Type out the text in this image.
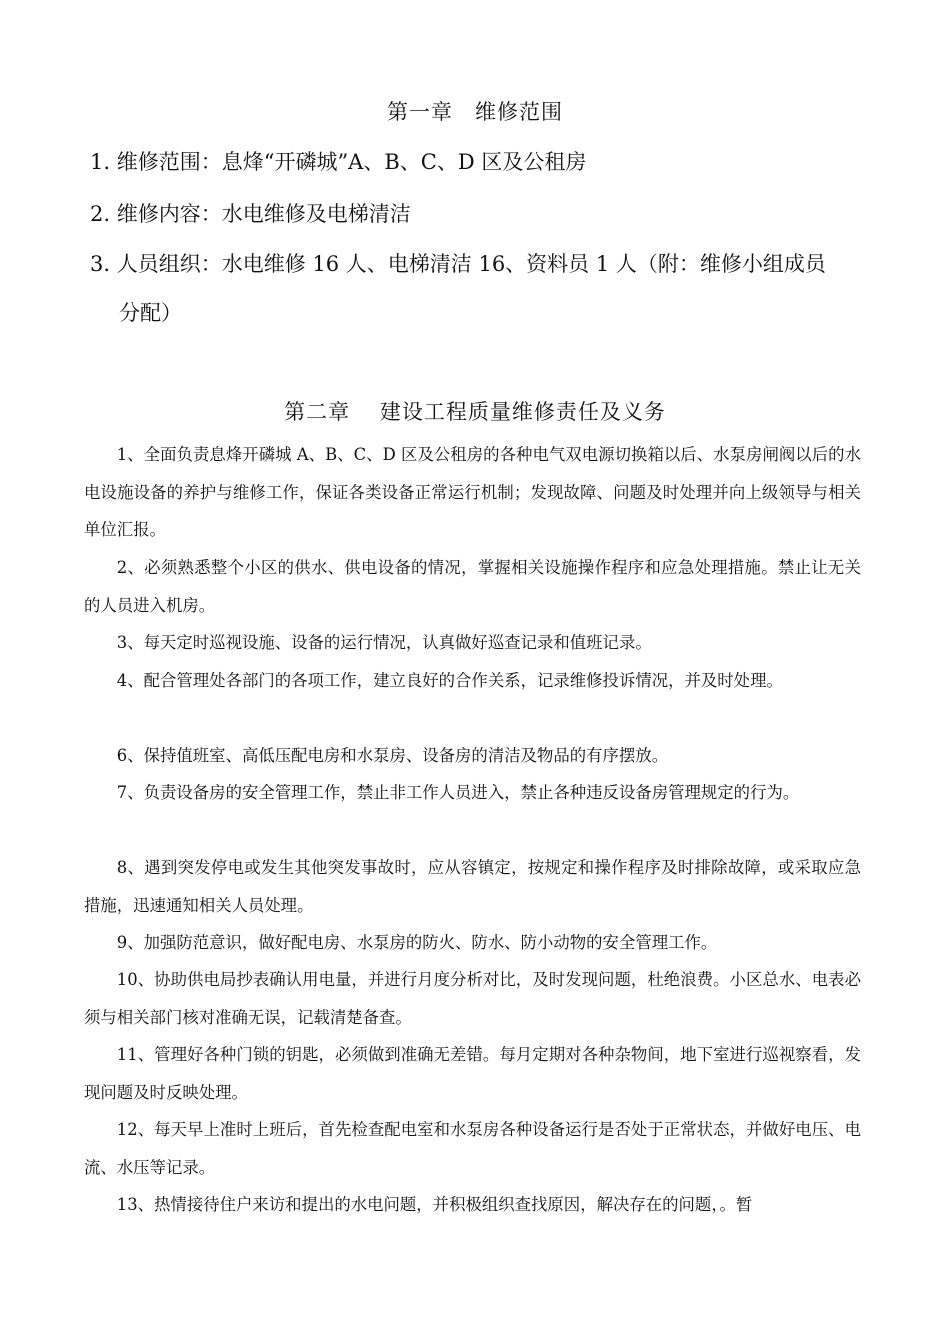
第一章　维修范围
1. 维修范围：息烽“开磷城”A、B、C、D 区及公租房
2. 维修内容：水电维修及电梯清洁
3. 人员组织：水电维修 16 人、电梯清洁 16、资料员 1 人（附：维修小组成员
分配）
第二章　 建设工程质量维修责任及义务

1、全面负责息烽开磷城 A、B、C、D 区及公租房的各种电气双电源切换箱以后、水泵房闸阀以后的水电设施设备的养护与维修工作，保证各类设备正常运行机制；发现故障、问题及时处理并向上级领导与相关单位汇报。

2、必须熟悉整个小区的供水、供电设备的情况，掌握相关设施操作程序和应急处理措施。禁止让无关的人员进入机房。

3、每天定时巡视设施、设备的运行情况，认真做好巡查记录和值班记录。

4、配合管理处各部门的各项工作，建立良好的合作关系，记录维修投诉情况，并及时处理。

6、保持值班室、高低压配电房和水泵房、设备房的清洁及物品的有序摆放。

7、负责设备房的安全管理工作，禁止非工作人员进入，禁止各种违反设备房管理规定的行为。

8、遇到突发停电或发生其他突发事故时，应从容镇定，按规定和操作程序及时排除故障，或采取应急措施，迅速通知相关人员处理。

9、加强防范意识，做好配电房、水泵房的防火、防水、防小动物的安全管理工作。

10、协助供电局抄表确认用电量，并进行月度分析对比，及时发现问题，杜绝浪费。小区总水、电表必须与相关部门核对准确无误，记载清楚备查。

11、管理好各种门锁的钥匙，必须做到准确无差错。每月定期对各种杂物间，地下室进行巡视察看，发现问题及时反映处理。

12、每天早上准时上班后，首先检查配电室和水泵房各种设备运行是否处于正常状态，并做好电压、电流、水压等记录。

13、热情接待住户来访和提出的水电问题，并积极组织查找原因，解决存在的问题，。暂
